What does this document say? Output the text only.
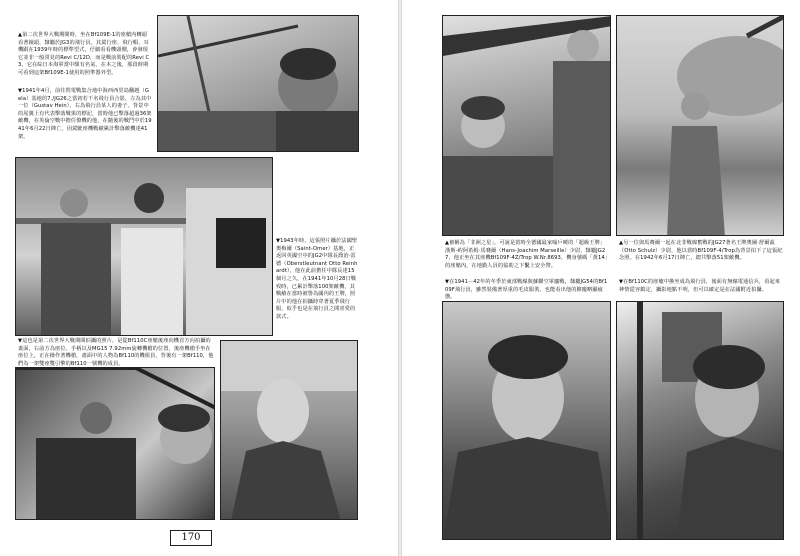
▲第二次世界大戰期間時，坐在Bf109E-1的座艙內轉頭看著鏡頭，隸屬於JG3的飛行員。其駕行座、飛行帽、耳機跟在1939年時的標準型式，仔細看看機頭側，會發現它並非一般常見的Revi C/12D，而是戰前裝配的Revi C3，它在綜日本海軍當中頗有名氣，在本之後，那段時期可看到這架Bf109E-1使用的照準器外型。
▼1941年4月，前往閃電戰集合地中海西西里島翻越（Gela）基地的7./JG26之當初若干名飛行員合影，左為其中一位（Gustav Hein），右為飛行員某人的妻子。背景中的尾翼上有代表擊落戰果的標記，當時他已擊落超過36架敵機，在英倫空戰中擔任僚機的他，在隨後的戰鬥中於1941年6月22日陣亡，因駕駛座機戰績累計擊落敵機達41架。
▼1943年時，這張照片攝於法國聖奧梅爾（Saint-Omer）基地，正返回英國空中的JG2中隊長喬治·雷德（Oberstleutnant Otto Reinhardt），他在此前擔任中隊長達15個月之久，在1941年10月28日戰歿時，已累計擊落100架敵機，其戰績在當時被譽為國內的王牌，照片中的他在拍攝時穿著夏季飛行服，似乎也是在飛行員之間喜愛的款式。
▼這也是第二次世界大戰期間拍攝的照片，是從Bf110C座艙後座向機首方向拍攝的畫面，右前方為座位、手柄以及MG15 7.92mm旋轉機槍的位置，後座機槍手坐在座位上，正在操作著機槍，畫面中的人物為Bf110的機組員，背後有一架Bf110，他們為一架雙座雙引擎的Bf110一號機的成員。
170
▲被稱為「非洲之星」，可說是當時全德國最家喻戶曉的「超級王牌」漢斯-約阿希姆·馬賽爾（Hans-Joachim Marseille）少尉，隸屬JG27，他正坐在其座機Bf109F-4Z/Trop W.Nr.8693，機身號碼「黃14」的座艙內，在地勤人員的協助之下繫上安全帶。
▲另一位與馬賽爾一起在北非戰線奮戰的JG27著名王牌奧圖·舒爾茲（Otto Schulz）少尉，他以當時Bf109F-4/Trop為背景拍下了這張紀念照。在1942年6月17日陣亡，總共擊落51架敵機。
▼在1941－42年的冬季於東部戰線與蘇聯空軍鏖戰，隸屬JG54的Bf109F飛行員，雖然裝備著厚重的毛皮服裝，也能看出他的臉龐略顯疲憊。
▼在Bf110C的座艙中換坐成為飛行員，後面有無線電通信兵，看起來神情從容鎮定，攝影地點不明，但可以確定是在法國附近拍攝。
